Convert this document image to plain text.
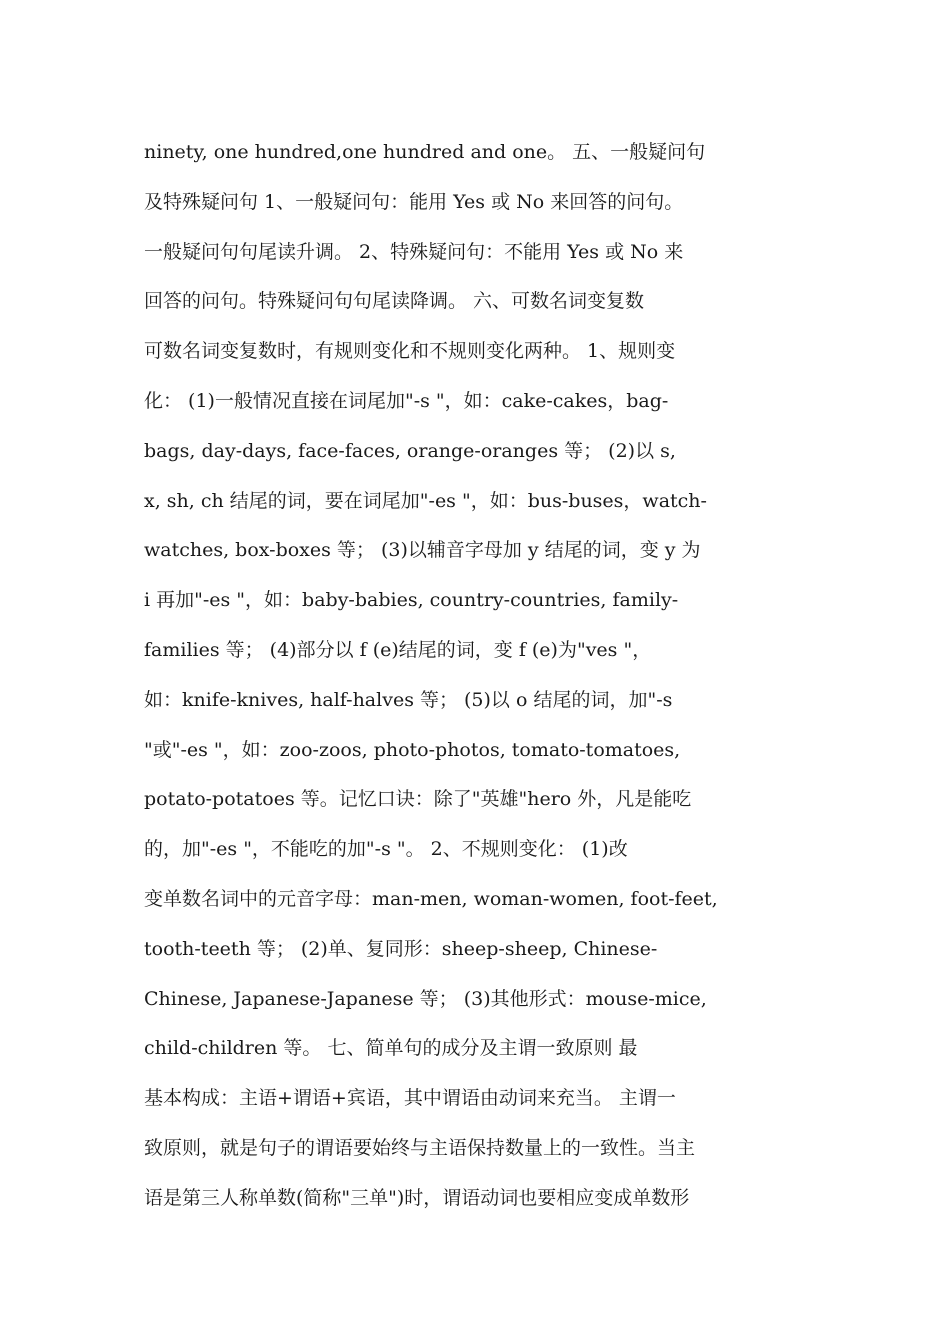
ninety, one hundred,one hundred and one。 五、一般疑问句
及特殊疑问句 1、一般疑问句：能用 Yes 或 No 来回答的问句。
一般疑问句句尾读升调。 2、特殊疑问句：不能用 Yes 或 No 来
回答的问句。特殊疑问句句尾读降调。 六、可数名词变复数
可数名词变复数时，有规则变化和不规则变化两种。 1、规则变
化： (1)一般情况直接在词尾加"-s "，如：cake-cakes，bag-
bags, day-days, face-faces, orange-oranges 等； (2)以 s,
x, sh, ch 结尾的词，要在词尾加"-es "，如：bus-buses，watch-
watches, box-boxes 等； (3)以辅音字母加 y 结尾的词，变 y 为
i 再加"-es "，如：baby-babies, country-countries, family-
families 等； (4)部分以 f (e)结尾的词，变 f (e)为"ves "，
如：knife-knives, half-halves 等； (5)以 o 结尾的词，加"-s
"或"-es "，如：zoo-zoos, photo-photos, tomato-tomatoes,
potato-potatoes 等。记忆口诀：除了"英雄"hero 外，凡是能吃
的，加"-es "，不能吃的加"-s "。 2、不规则变化： (1)改
变单数名词中的元音字母：man-men, woman-women, foot-feet,
tooth-teeth 等； (2)单、复同形：sheep-sheep, Chinese-
Chinese, Japanese-Japanese 等； (3)其他形式：mouse-mice,
child-children 等。 七、简单句的成分及主谓一致原则 最
基本构成：主语+谓语+宾语，其中谓语由动词来充当。 主谓一
致原则，就是句子的谓语要始终与主语保持数量上的一致性。当主
语是第三人称单数(简称"三单")时，谓语动词也要相应变成单数形
